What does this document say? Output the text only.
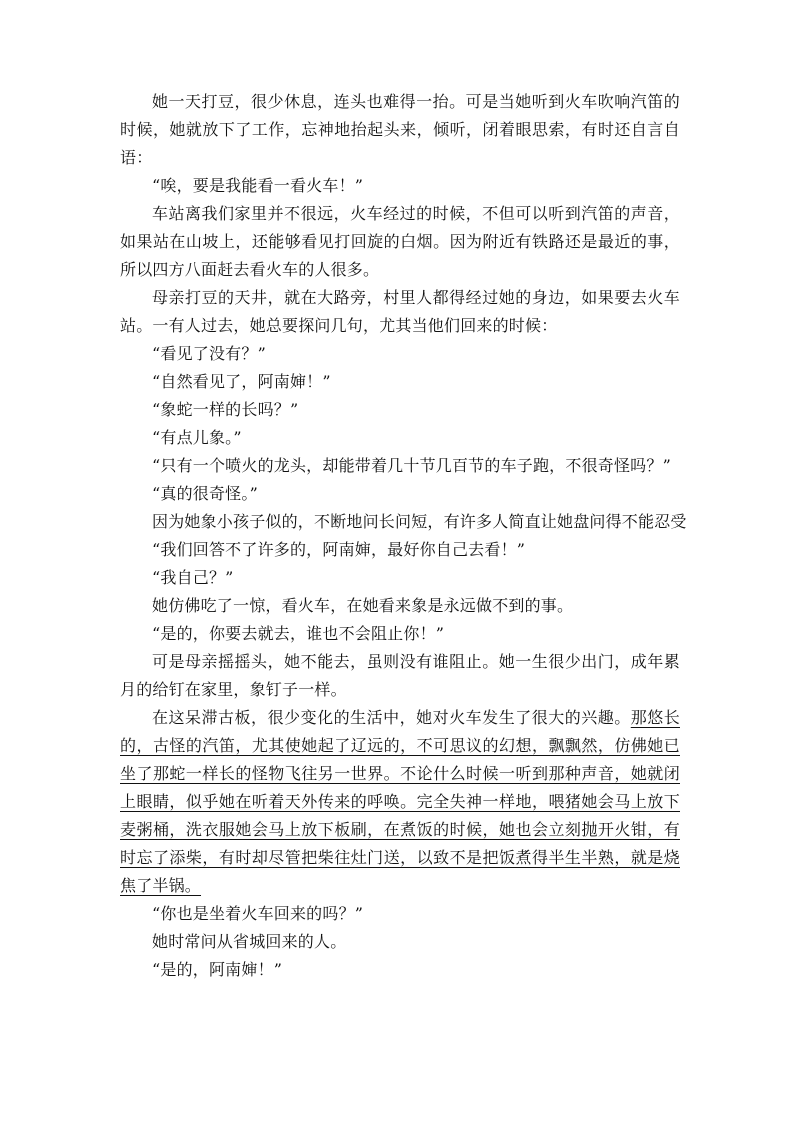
她一天打豆，很少休息，连头也难得一抬。可是当她听到火车吹响汽笛的时候，她就放下了工作，忘神地抬起头来，倾听，闭着眼思索，有时还自言自语：

“唉，要是我能看一看火车！”

车站离我们家里并不很远，火车经过的时候，不但可以听到汽笛的声音，如果站在山坡上，还能够看见打回旋的白烟。因为附近有铁路还是最近的事，所以四方八面赶去看火车的人很多。

母亲打豆的天井，就在大路旁，村里人都得经过她的身边，如果要去火车站。一有人过去，她总要探问几句，尤其当他们回来的时候：

“看见了没有？”

“自然看见了，阿南婶！”

“象蛇一样的长吗？”

“有点儿象。”

“只有一个喷火的龙头，却能带着几十节几百节的车子跑，不很奇怪吗？”

“真的很奇怪。”

因为她象小孩子似的，不断地问长问短，有许多人简直让她盘问得不能忍受

“我们回答不了许多的，阿南婶，最好你自己去看！”

“我自己？”

她仿佛吃了一惊，看火车，在她看来象是永远做不到的事。

“是的，你要去就去，谁也不会阻止你！”

可是母亲摇摇头，她不能去，虽则没有谁阻止。她一生很少出门，成年累月的给钉在家里，象钉子一样。

在这呆滞古板，很少变化的生活中，她对火车发生了很大的兴趣。那悠长的，古怪的汽笛，尤其使她起了辽远的，不可思议的幻想，飘飘然，仿佛她已坐了那蛇一样长的怪物飞往另一世界。不论什么时候一听到那种声音，她就闭上眼睛，似乎她在听着天外传来的呼唤。完全失神一样地，喂猪她会马上放下麦粥桶，洗衣服她会马上放下板刷，在煮饭的时候，她也会立刻抛开火钳，有时忘了添柴，有时却尽管把柴往灶门送，以致不是把饭煮得半生半熟，就是烧焦了半锅。

“你也是坐着火车回来的吗？”

她时常问从省城回来的人。

“是的，阿南婶！”
